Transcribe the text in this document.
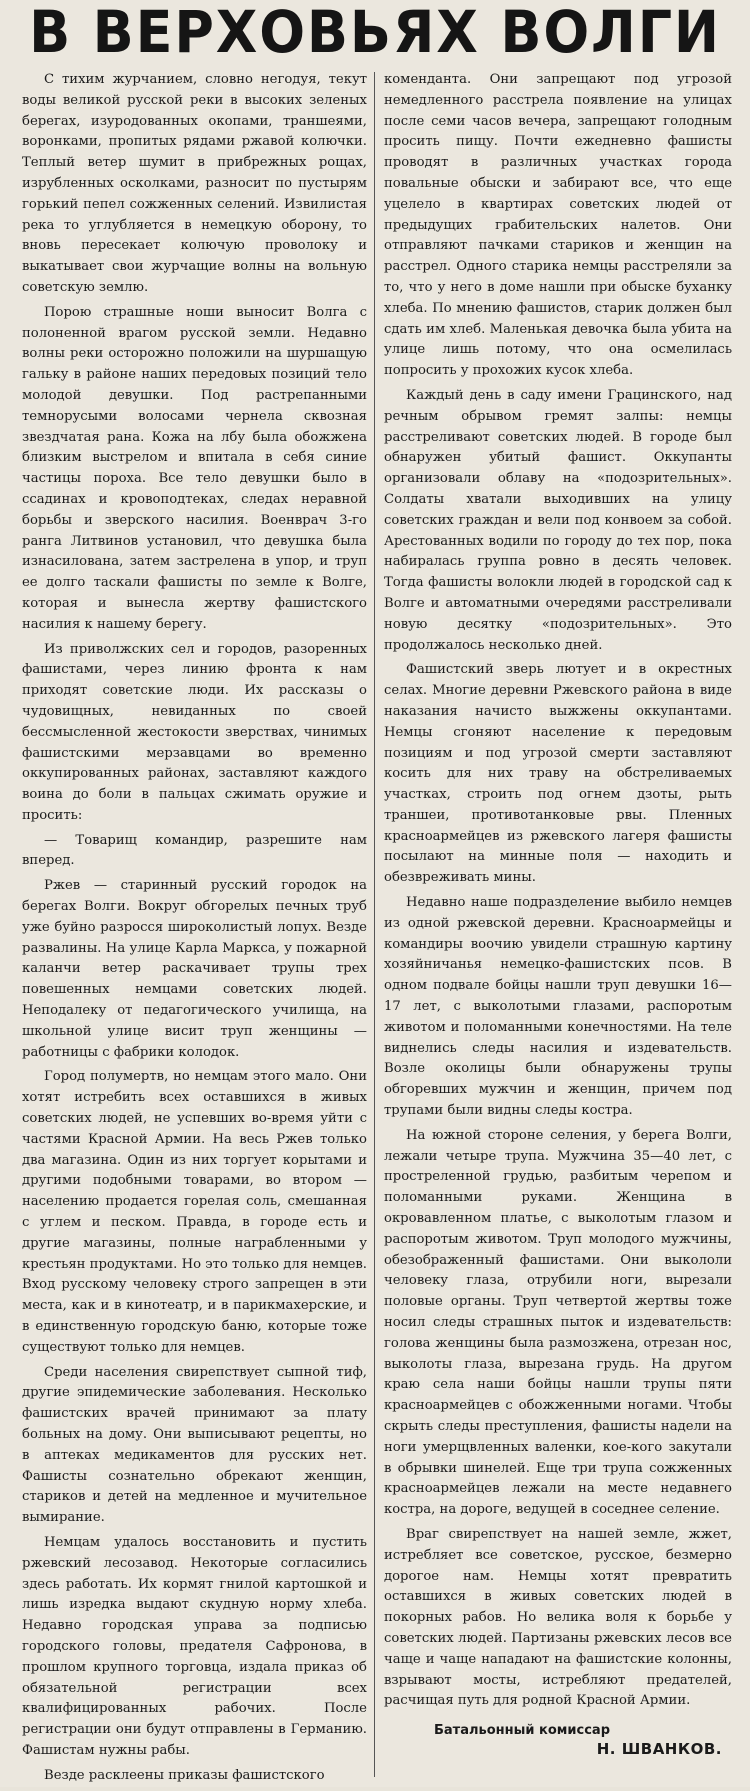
В ВЕРХОВЬЯХ ВОЛГИ

С тихим журчанием, словно негодуя, текут воды великой русской реки в высоких зеленых берегах, изуродованных окопами, траншеями, воронками, пропитых рядами ржавой колючки. Теплый ветер шумит в прибрежных рощах, изрубленных осколками, разносит по пустырям горький пепел сожженных селений. Извилистая река то углубляется в немецкую оборону, то вновь пересекает колючую проволоку и выкатывает свои журчащие волны на вольную советскую землю.

Порою страшные ноши выносит Волга с полоненной врагом русской земли. Недавно волны реки осторожно положили на шуршащую гальку в районе наших передовых позиций тело молодой девушки. Под растрепанными темнорусыми волосами чернела сквозная звездчатая рана. Кожа на лбу была обожжена близким выстрелом и впитала в себя синие частицы пороха. Все тело девушки было в ссадинах и кровоподтеках, следах неравной борьбы и зверского насилия. Военврач 3-го ранга Литвинов установил, что девушка была изнасилована, затем застрелена в упор, и труп ее долго таскали фашисты по земле к Волге, которая и вынесла жертву фашистского насилия к нашему берегу.

Из приволжских сел и городов, разоренных фашистами, через линию фронта к нам приходят советские люди. Их рассказы о чудовищных, невиданных по своей бессмысленной жестокости зверствах, чинимых фашистскими мерзавцами во временно оккупированных районах, заставляют каждого воина до боли в пальцах сжимать оружие и просить:

— Товарищ командир, разрешите нам вперед.

Ржев — старинный русский городок на берегах Волги. Вокруг обгорелых печных труб уже буйно разросся широколистый лопух. Везде развалины. На улице Карла Маркса, у пожарной каланчи ветер раскачивает трупы трех повешенных немцами советских людей. Неподалеку от педагогического училища, на школьной улице висит труп женщины — работницы с фабрики колодок.

Город полумертв, но немцам этого мало. Они хотят истребить всех оставшихся в живых советских людей, не успевших во-время уйти с частями Красной Армии. На весь Ржев только два магазина. Один из них торгует корытами и другими подобными товарами, во втором — населению продается горелая соль, смешанная с углем и песком. Правда, в городе есть и другие магазины, полные награбленными у крестьян продуктами. Но это только для немцев. Вход русскому человеку строго запрещен в эти места, как и в кинотеатр, и в парикмахерские, и в единственную городскую баню, которые тоже существуют только для немцев.

Среди населения свирепствует сыпной тиф, другие эпидемические заболевания. Несколько фашистских врачей принимают за плату больных на дому. Они выписывают рецепты, но в аптеках медикаментов для русских нет. Фашисты сознательно обрекают женщин, стариков и детей на медленное и мучительное вымирание.

Немцам удалось восстановить и пустить ржевский лесозавод. Некоторые согласились здесь работать. Их кормят гнилой картошкой и лишь изредка выдают скудную норму хлеба. Недавно городская управа за подписью городского головы, предателя Сафронова, в прошлом крупного торговца, издала приказ об обязательной регистрации всех квалифицированных рабочих. После регистрации они будут отправлены в Германию. Фашистам нужны рабы.

Везде расклеены приказы фашистского

коменданта. Они запрещают под угрозой немедленного расстрела появление на улицах после семи часов вечера, запрещают голодным просить пищу. Почти ежедневно фашисты проводят в различных участках города повальные обыски и забирают все, что еще уцелело в квартирах советских людей от предыдущих грабительских налетов. Они отправляют пачками стариков и женщин на расстрел. Одного старика немцы расстреляли за то, что у него в доме нашли при обыске буханку хлеба. По мнению фашистов, старик должен был сдать им хлеб. Маленькая девочка была убита на улице лишь потому, что она осмелилась попросить у прохожих кусок хлеба.

Каждый день в саду имени Грацинского, над речным обрывом гремят залпы: немцы расстреливают советских людей. В городе был обнаружен убитый фашист. Оккупанты организовали облаву на «подозрительных». Солдаты хватали выходивших на улицу советских граждан и вели под конвоем за собой. Арестованных водили по городу до тех пор, пока набиралась группа ровно в десять человек. Тогда фашисты волокли людей в городской сад к Волге и автоматными очередями расстреливали новую десятку «подозрительных». Это продолжалось несколько дней.

Фашистский зверь лютует и в окрестных селах. Многие деревни Ржевского района в виде наказания начисто выжжены оккупантами. Немцы сгоняют население к передовым позициям и под угрозой смерти заставляют косить для них траву на обстреливаемых участках, строить под огнем дзоты, рыть траншеи, противотанковые рвы. Пленных красноармейцев из ржевского лагеря фашисты посылают на минные поля — находить и обезвреживать мины.

Недавно наше подразделение выбило немцев из одной ржевской деревни. Красноармейцы и командиры воочию увидели страшную картину хозяйничанья немецко-фашистских псов. В одном подвале бойцы нашли труп девушки 16—17 лет, с выколотыми глазами, распоротым животом и поломанными конечностями. На теле виднелись следы насилия и издевательств. Возле околицы были обнаружены трупы обгоревших мужчин и женщин, причем под трупами были видны следы костра.

На южной стороне селения, у берега Волги, лежали четыре трупа. Мужчина 35—40 лет, с простреленной грудью, разбитым черепом и поломанными руками. Женщина в окровавленном платье, с выколотым глазом и распоротым животом. Труп молодого мужчины, обезображенный фашистами. Они выкололи человеку глаза, отрубили ноги, вырезали половые органы. Труп четвертой жертвы тоже носил следы страшных пыток и издевательств: голова женщины была размозжена, отрезан нос, выколоты глаза, вырезана грудь. На другом краю села наши бойцы нашли трупы пяти красноармейцев с обожженными ногами. Чтобы скрыть следы преступления, фашисты надели на ноги умерщвленных валенки, кое-кого закутали в обрывки шинелей. Еще три трупа сожженных красноармейцев лежали на месте недавнего костра, на дороге, ведущей в соседнее селение.

Враг свирепствует на нашей земле, жжет, истребляет все советское, русское, безмерно дорогое нам. Немцы хотят превратить оставшихся в живых советских людей в покорных рабов. Но велика воля к борьбе у советских людей. Партизаны ржевских лесов все чаще и чаще нападают на фашистские колонны, взрывают мосты, истребляют предателей, расчищая путь для родной Красной Армии.

Батальонный комиссар
Н. ШВАНКОВ.
